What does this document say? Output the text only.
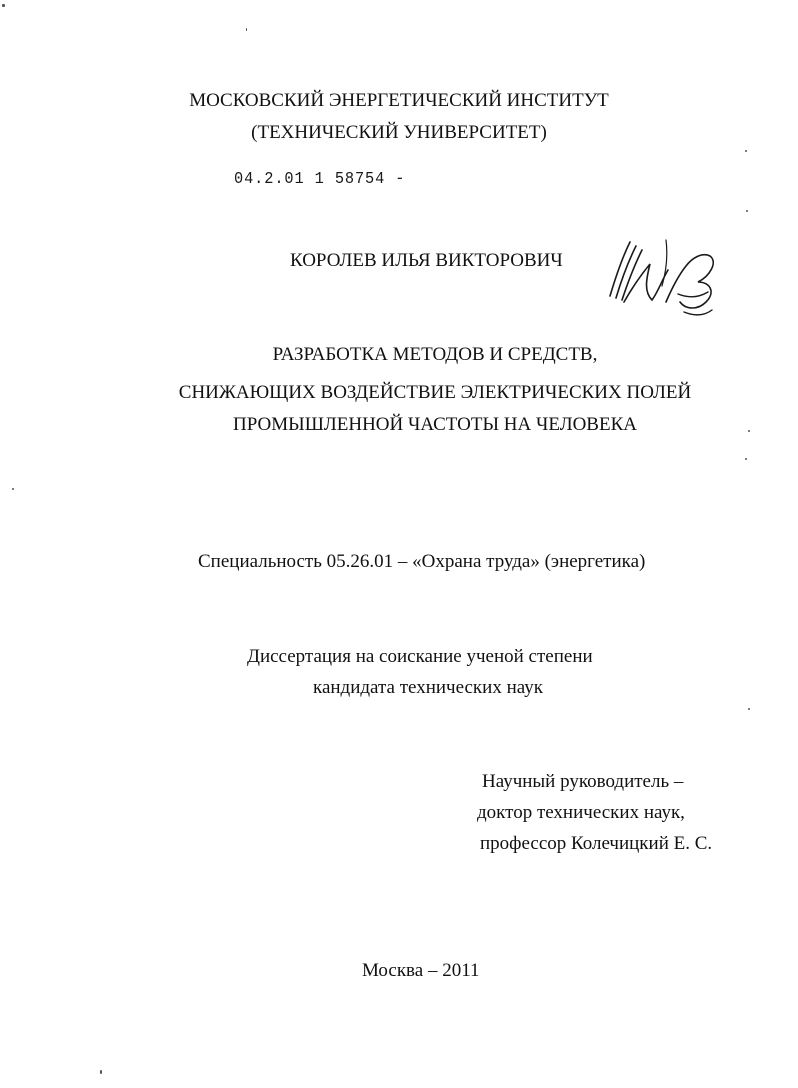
МОСКОВСКИЙ ЭНЕРГЕТИЧЕСКИЙ ИНСТИТУТ
(ТЕХНИЧЕСКИЙ УНИВЕРСИТЕТ)
04.2.01 1 58754 -
КОРОЛЕВ ИЛЬЯ ВИКТОРОВИЧ
РАЗРАБОТКА МЕТОДОВ И СРЕДСТВ,
СНИЖАЮЩИХ ВОЗДЕЙСТВИЕ ЭЛЕКТРИЧЕСКИХ ПОЛЕЙ
ПРОМЫШЛЕННОЙ ЧАСТОТЫ НА ЧЕЛОВЕКА
Специальность 05.26.01 – «Охрана труда» (энергетика)
Диссертация на соискание ученой степени
кандидата технических наук
Научный руководитель –
доктор технических наук,
профессор Колечицкий Е. С.
Москва – 2011
